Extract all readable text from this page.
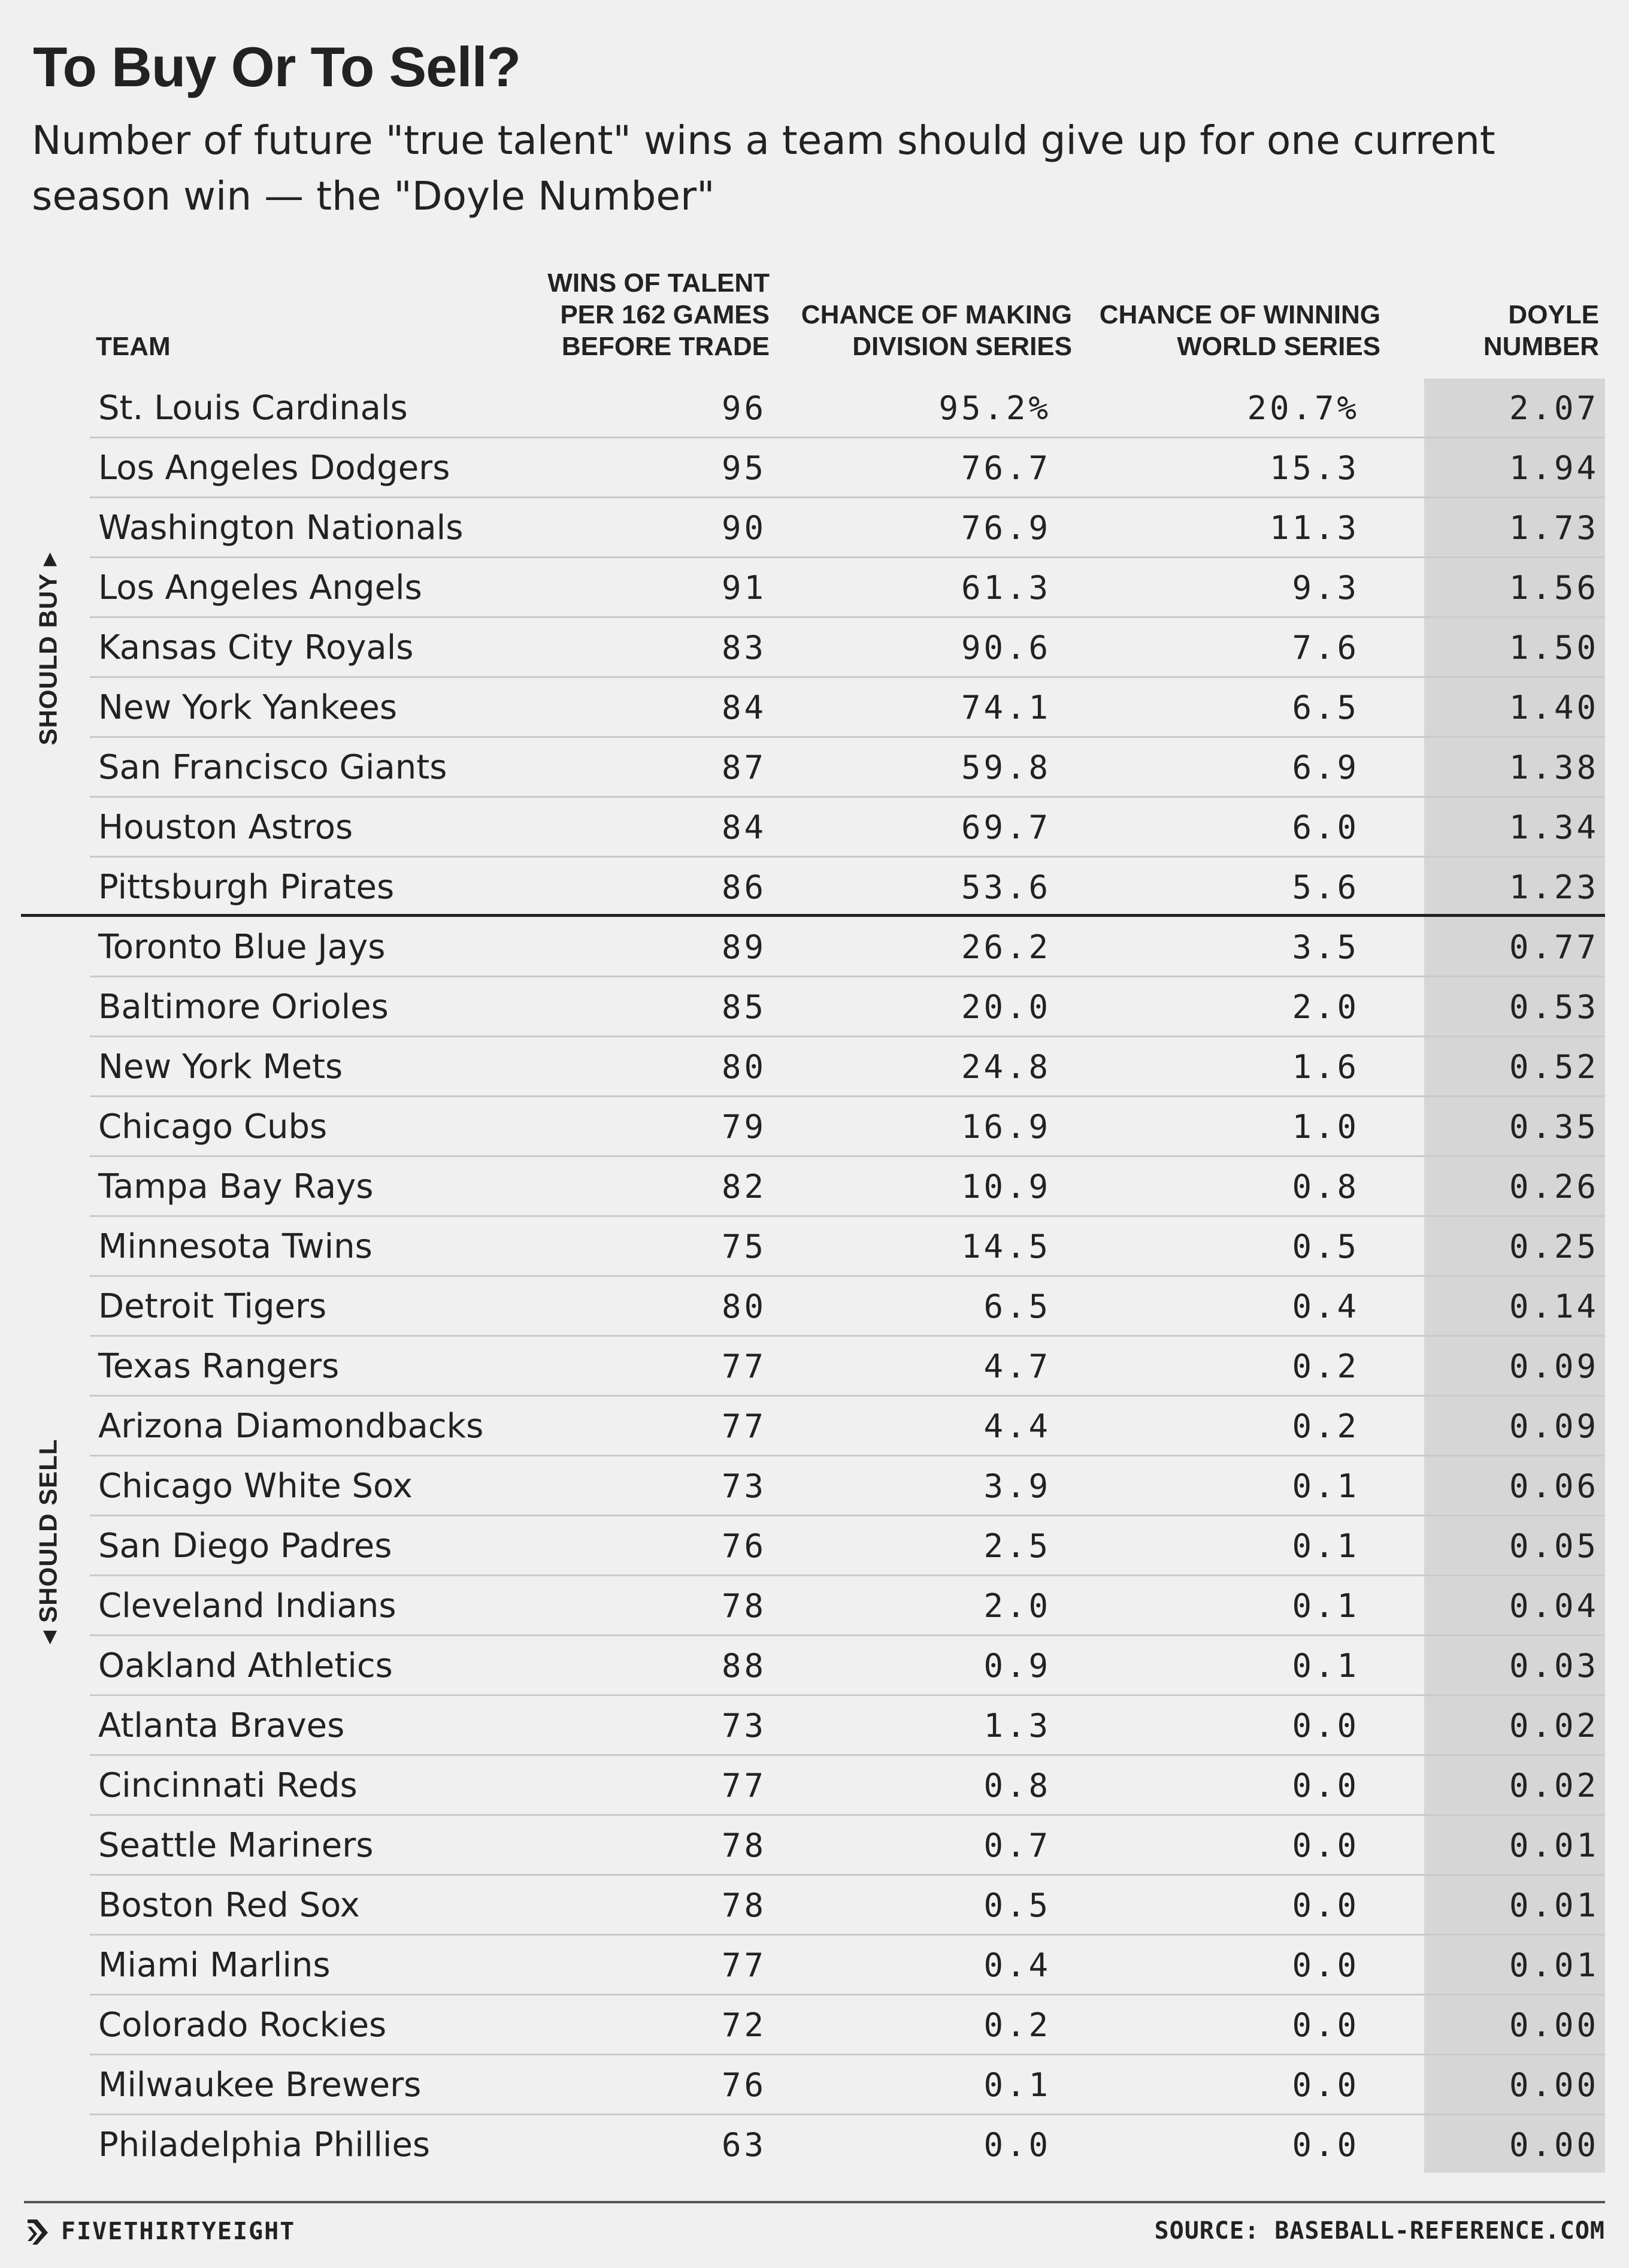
To Buy Or To Sell?

Number of future "true talent" wins a team should give up for one current season win — the "Doyle Number"

TEAM
WINS OF TALENT
PER 162 GAMES
BEFORE TRADE
CHANCE OF MAKING
DIVISION SERIES
CHANCE OF WINNING
WORLD SERIES
DOYLE
NUMBER
St. Louis Cardinals	96	95.2%	20.7%	2.07
Los Angeles Dodgers	95	76.7	15.3	1.94
Washington Nationals	90	76.9	11.3	1.73
Los Angeles Angels	91	61.3	9.3	1.56
Kansas City Royals	83	90.6	7.6	1.50
New York Yankees	84	74.1	6.5	1.40
San Francisco Giants	87	59.8	6.9	1.38
Houston Astros	84	69.7	6.0	1.34
Pittsburgh Pirates	86	53.6	5.6	1.23
Toronto Blue Jays	89	26.2	3.5	0.77
Baltimore Orioles	85	20.0	2.0	0.53
New York Mets	80	24.8	1.6	0.52
Chicago Cubs	79	16.9	1.0	0.35
Tampa Bay Rays	82	10.9	0.8	0.26
Minnesota Twins	75	14.5	0.5	0.25
Detroit Tigers	80	6.5	0.4	0.14
Texas Rangers	77	4.7	0.2	0.09
Arizona Diamondbacks	77	4.4	0.2	0.09
Chicago White Sox	73	3.9	0.1	0.06
San Diego Padres	76	2.5	0.1	0.05
Cleveland Indians	78	2.0	0.1	0.04
Oakland Athletics	88	0.9	0.1	0.03
Atlanta Braves	73	1.3	0.0	0.02
Cincinnati Reds	77	0.8	0.0	0.02
Seattle Mariners	78	0.7	0.0	0.01
Boston Red Sox	78	0.5	0.0	0.01
Miami Marlins	77	0.4	0.0	0.01
Colorado Rockies	72	0.2	0.0	0.00
Milwaukee Brewers	76	0.1	0.0	0.00
Philadelphia Phillies	63	0.0	0.0	0.00
SHOULD BUY ▸
◂ SHOULD SELL
FIVETHIRTYEIGHT	SOURCE: BASEBALL-REFERENCE.COM
